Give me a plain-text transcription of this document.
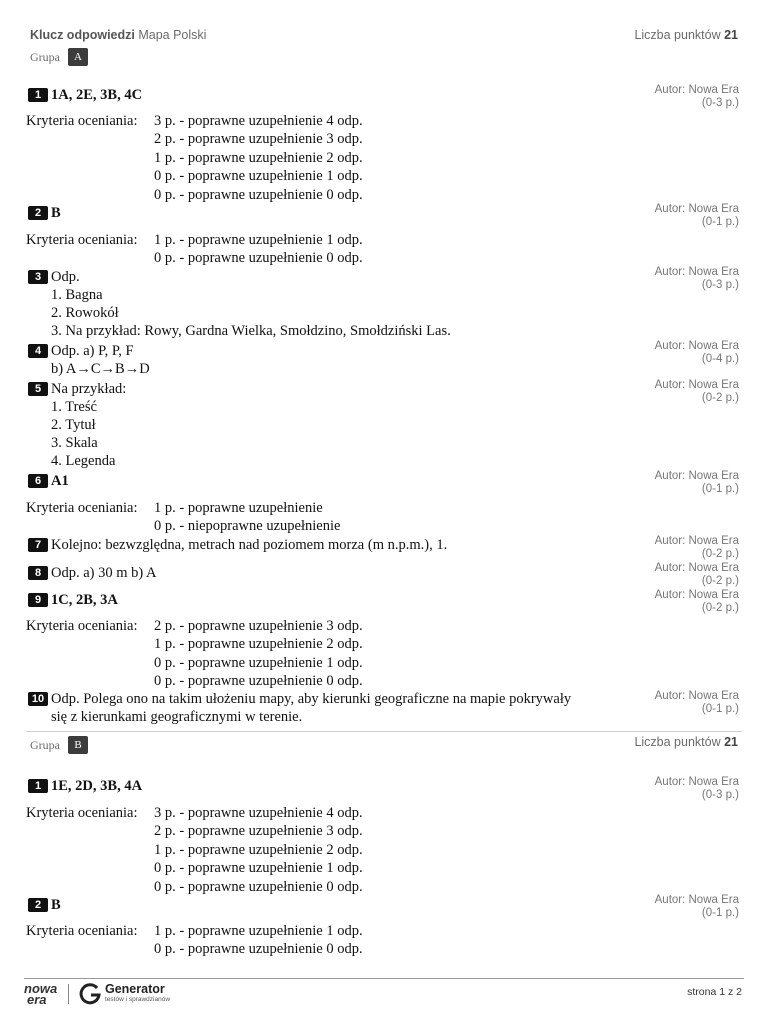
Klucz odpowiedzi Mapa Polski	Liczba punktów 21
Grupa	A
1 1A, 2E, 3B, 4C	Autor: Nowa Era
(0-3 p.)
Kryteria oceniania: 3 p. - poprawne uzupełnienie 4 odp.
2 p. - poprawne uzupełnienie 3 odp.
1 p. - poprawne uzupełnienie 2 odp.
0 p. - poprawne uzupełnienie 1 odp.
0 p. - poprawne uzupełnienie 0 odp.
2 B	Autor: Nowa Era
(0-1 p.)
Kryteria oceniania: 1 p. - poprawne uzupełnienie 1 odp.
0 p. - poprawne uzupełnienie 0 odp.
3 Odp.
1. Bagna
2. Rowokół
3. Na przykład: Rowy, Gardna Wielka, Smołdzino, Smołdziński Las.
Autor: Nowa Era
(0-3 p.)
4 Odp. a) P, P, F
b) A→C→B→D
Autor: Nowa Era
(0-4 p.)
5 Na przykład:
1. Treść
2. Tytuł
3. Skala
4. Legenda
Autor: Nowa Era
(0-2 p.)
6 A1	Autor: Nowa Era
(0-1 p.)
Kryteria oceniania: 1 p. - poprawne uzupełnienie
0 p. - niepoprawne uzupełnienie
7 Kolejno: bezwzględna, metrach nad poziomem morza (m n.p.m.), 1.	Autor: Nowa Era
(0-2 p.)
8 Odp. a) 30 m b) A	Autor: Nowa Era
(0-2 p.)
9 1C, 2B, 3A	Autor: Nowa Era
(0-2 p.)
Kryteria oceniania: 2 p. - poprawne uzupełnienie 3 odp.
1 p. - poprawne uzupełnienie 2 odp.
0 p. - poprawne uzupełnienie 1 odp.
0 p. - poprawne uzupełnienie 0 odp.
10 Odp. Polega ono na takim ułożeniu mapy, aby kierunki geograficzne na mapie pokrywały
się z kierunkami geograficznymi w terenie.
Autor: Nowa Era
(0-1 p.)
Grupa	B	Liczba punktów 21
1 1E, 2D, 3B, 4A	Autor: Nowa Era
(0-3 p.)
Kryteria oceniania: 3 p. - poprawne uzupełnienie 4 odp.
2 p. - poprawne uzupełnienie 3 odp.
1 p. - poprawne uzupełnienie 2 odp.
0 p. - poprawne uzupełnienie 1 odp.
0 p. - poprawne uzupełnienie 0 odp.
2 B	Autor: Nowa Era
(0-1 p.)
Kryteria oceniania: 1 p. - poprawne uzupełnienie 1 odp.
0 p. - poprawne uzupełnienie 0 odp.
nowa
era
Generator
testów i sprawdzianów
strona 1 z 2
